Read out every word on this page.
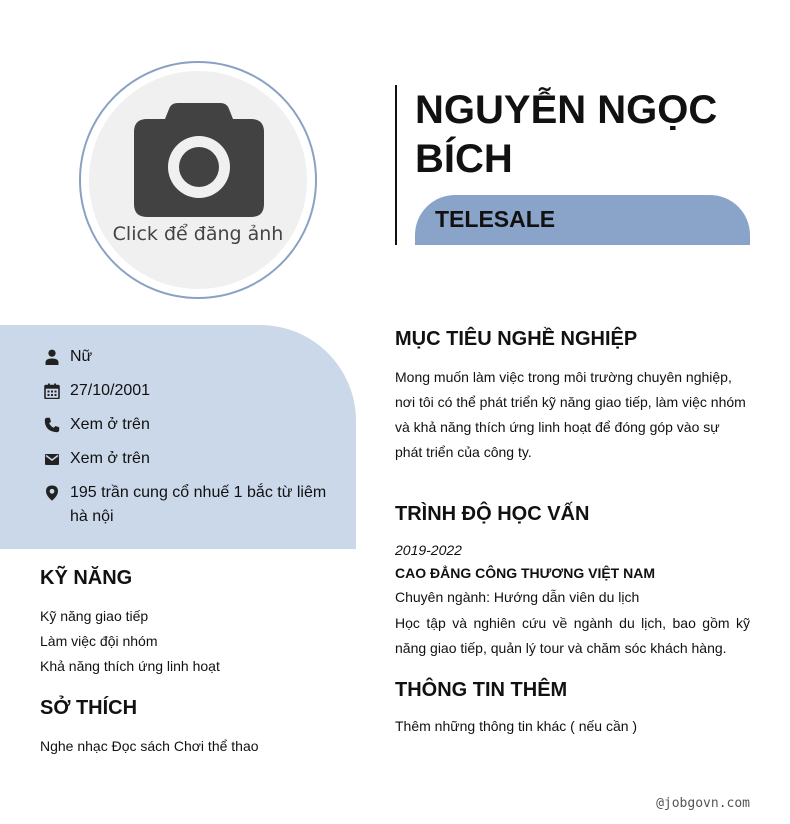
Click để đăng ảnh
NGUYỄN NGỌC BÍCH
TELESALE
Nữ
27/10/2001
Xem ở trên
Xem ở trên
195 trần cung cổ nhuế 1 bắc từ liêm hà nội
KỸ NĂNG
Kỹ năng giao tiếp
Làm việc đội nhóm
Khả năng thích ứng linh hoạt
SỞ THÍCH
Nghe nhạc Đọc sách Chơi thể thao
MỤC TIÊU NGHỀ NGHIỆP
Mong muốn làm việc trong môi trường chuyên nghiệp, nơi tôi có thể phát triển kỹ năng giao tiếp, làm việc nhóm và khả năng thích ứng linh hoạt để đóng góp vào sự phát triển của công ty.
TRÌNH ĐỘ HỌC VẤN
2019-2022
CAO ĐẲNG CÔNG THƯƠNG VIỆT NAM
Chuyên ngành: Hướng dẫn viên du lịch
Học tập và nghiên cứu về ngành du lịch, bao gồm kỹ năng giao tiếp, quản lý tour và chăm sóc khách hàng.
THÔNG TIN THÊM
Thêm những thông tin khác ( nếu cần )
@jobgovn.com
